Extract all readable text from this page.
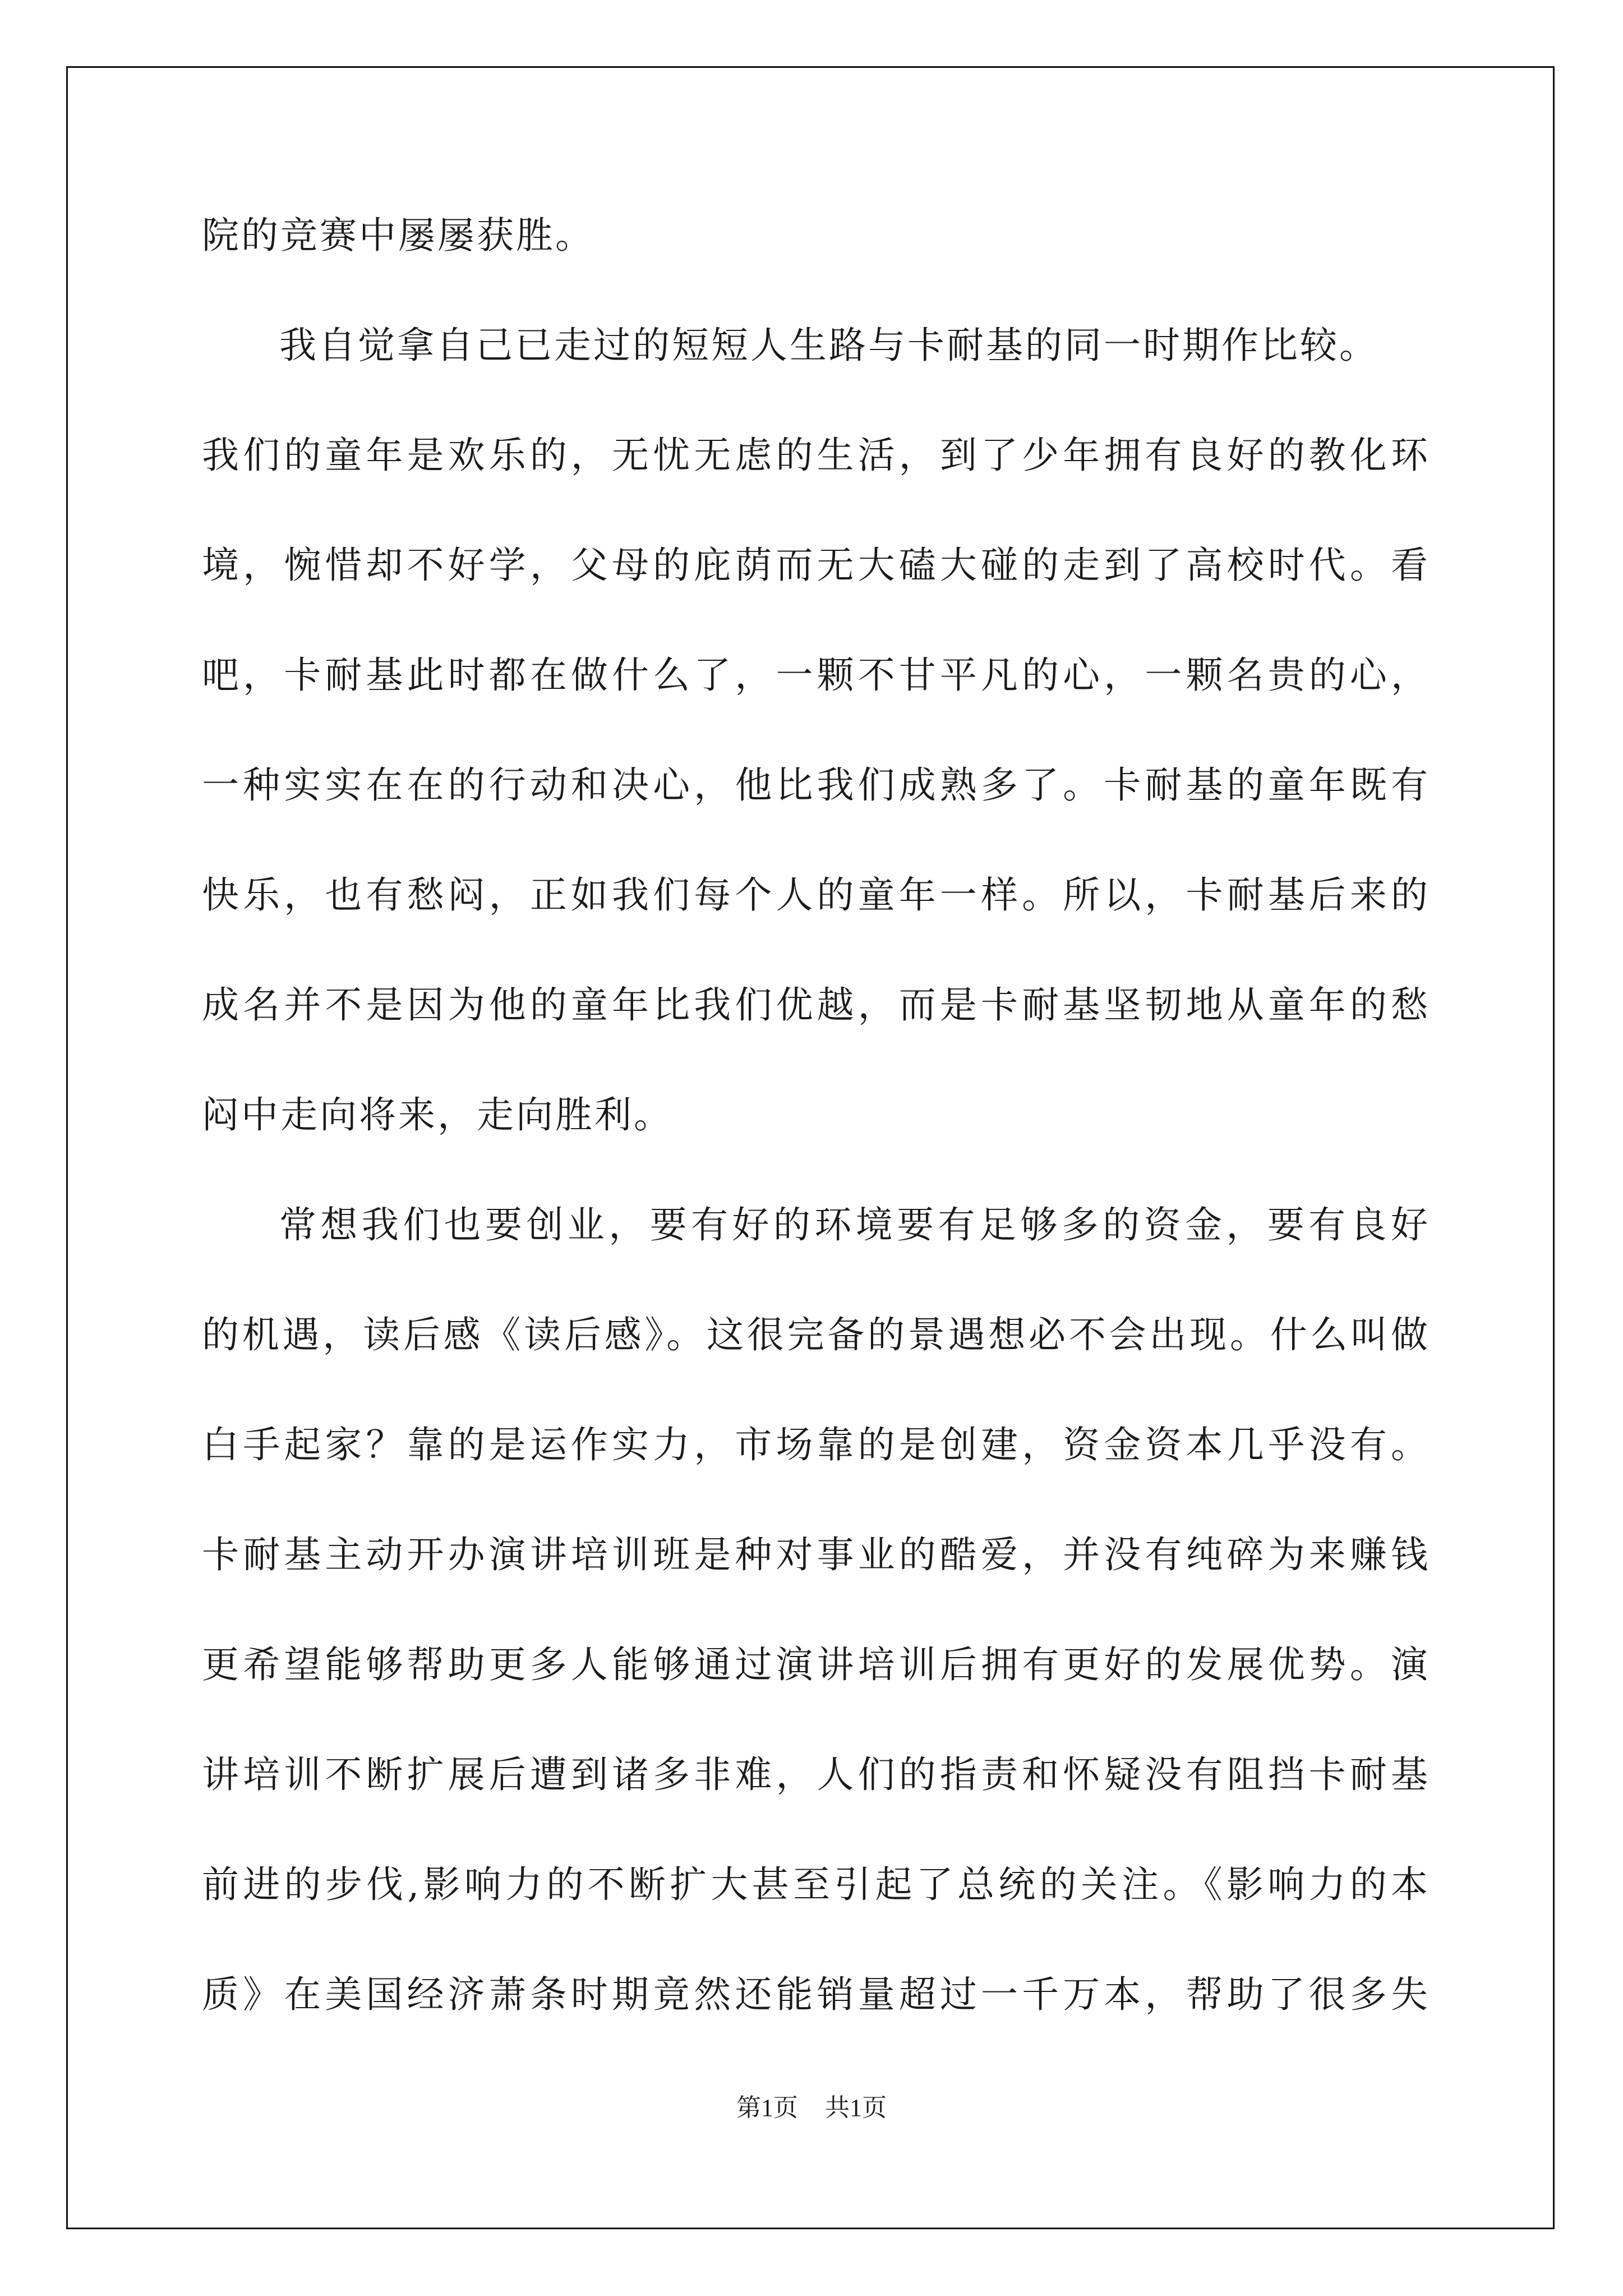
院的竞赛中屡屡获胜。
我自觉拿自己已走过的短短人生路与卡耐基的同一时期作比较。
我们的童年是欢乐的，无忧无虑的生活，到了少年拥有良好的教化环
境，惋惜却不好学，父母的庇荫而无大磕大碰的走到了高校时代。看
吧，卡耐基此时都在做什么了，一颗不甘平凡的心，一颗名贵的心，
一种实实在在的行动和决心，他比我们成熟多了。卡耐基的童年既有
快乐，也有愁闷，正如我们每个人的童年一样。所以，卡耐基后来的
成名并不是因为他的童年比我们优越，而是卡耐基坚韧地从童年的愁
闷中走向将来，走向胜利。
常想我们也要创业，要有好的环境要有足够多的资金，要有良好
的机遇，读后感《读后感》。这很完备的景遇想必不会出现。什么叫做
白手起家？靠的是运作实力，市场靠的是创建，资金资本几乎没有。
卡耐基主动开办演讲培训班是种对事业的酷爱，并没有纯碎为来赚钱
更希望能够帮助更多人能够通过演讲培训后拥有更好的发展优势。演
讲培训不断扩展后遭到诸多非难，人们的指责和怀疑没有阻挡卡耐基
前进的步伐,影响力的不断扩大甚至引起了总统的关注。《影响力的本
质》在美国经济萧条时期竟然还能销量超过一千万本，帮助了很多失
第1页 共1页
